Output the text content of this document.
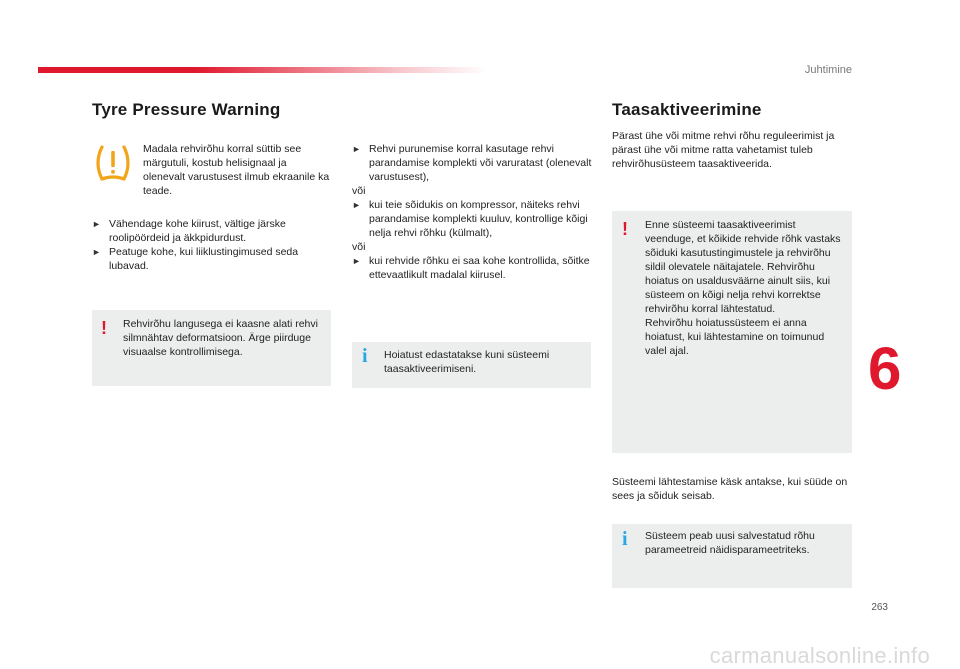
Juhtimine
Tyre Pressure Warning

Madala rehvirõhu korral süttib see märgutuli, kostub helisignaal ja olenevalt varustusest ilmub ekraanile ka teade.

► Vähendage kohe kiirust, vältige järske roolipöördeid ja äkkpidurdust.
► Peatuge kohe, kui liiklustingimused seda lubavad.
! Rehvirõhu langusega ei kaasne alati rehvi silmnähtav deformatsioon. Ärge piirduge visuaalse kontrollimisega.

► Rehvi purunemise korral kasutage rehvi parandamise komplekti või varuratast (olenevalt varustusest),
või
► kui teie sõidukis on kompressor, näiteks rehvi parandamise komplekti kuuluv, kontrollige kõigi nelja rehvi rõhku (külmalt),
või
► kui rehvide rõhku ei saa kohe kontrollida, sõitke ettevaatlikult madalal kiirusel.
i Hoiatust edastatakse kuni süsteemi taasaktiveerimiseni.

Taasaktiveerimine

Pärast ühe või mitme rehvi rõhu reguleerimist ja pärast ühe või mitme ratta vahetamist tuleb rehvirõhusüsteem taasaktiveerida.

! Enne süsteemi taasaktiveerimist veenduge, et kõikide rehvide rõhk vastaks sõiduki kasutustingimustele ja rehvirõhu sildil olevatele näitajatele. Rehvirõhu hoiatus on usaldusväärne ainult siis, kui süsteem on kõigi nelja rehvi korrektse rehvirõhu korral lähtestatud.

Rehvirõhu hoiatussüsteem ei anna hoiatust, kui lähtestamine on toimunud valel ajal.

Süsteemi lähtestamise käsk antakse, kui süüde on sees ja sõiduk seisab.

i Süsteem peab uusi salvestatud rõhu parameetreid näidisparameetriteks.

6
263
carmanualsonline.info
